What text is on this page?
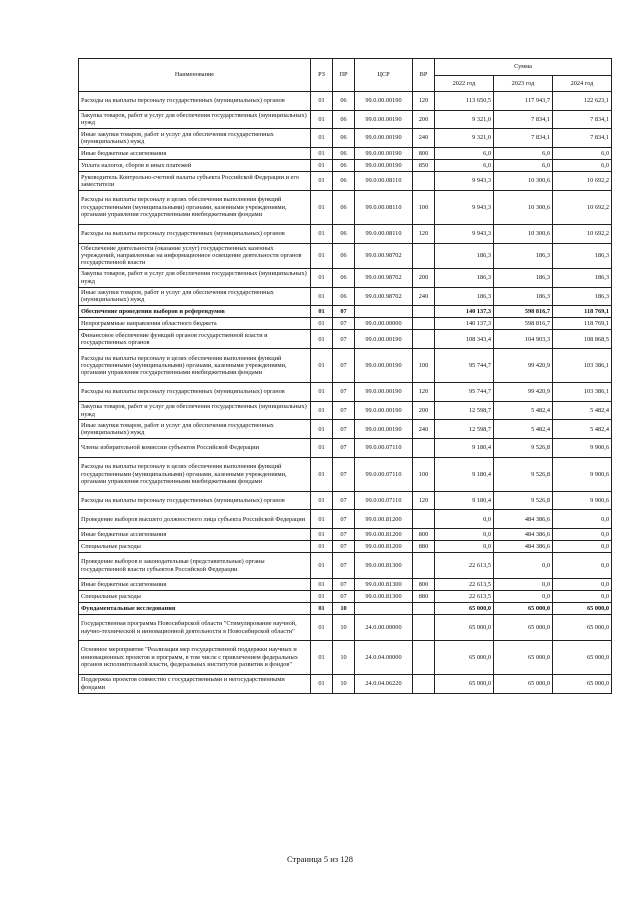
Наименование	РЗ	ПР	ЦСР	ВР	Сумма		
					2022 год	2023 год	2024 год
Расходы на выплаты персоналу государственных (муниципальных) органов	01	06	99.0.00.00190	120	113 650,5	117 943,7	122 623,1
Закупка товаров, работ и услуг для обеспечения государственных (муниципальных) нужд	01	06	99.0.00.00190	200	9 321,0	7 834,1	7 834,1
Иные закупки товаров, работ и услуг для обеспечения государственных (муниципальных) нужд	01	06	99.0.00.00190	240	9 321,0	7 834,1	7 834,1
Иные бюджетные ассигнования	01	06	99.0.00.00190	800	6,0	6,0	6,0
Уплата налогов, сборов и иных платежей	01	06	99.0.00.00190	850	6,0	6,0	6,0
Руководитель Контрольно-счетной палаты субъекта Российской Федерации и его заместители	01	06	99.0.00.08110		9 943,3	10 300,6	10 692,2
Расходы на выплаты персоналу в целях обеспечения выполнения функций государственными (муниципальными) органами, казенными учреждениями, органами управления государственными внебюджетными фондами	01	06	99.0.00.08110	100	9 943,3	10 300,6	10 692,2
Расходы на выплаты персоналу государственных (муниципальных) органов	01	06	99.0.00.08110	120	9 943,3	10 300,6	10 692,2
Обеспечение деятельности (оказание услуг) государственных казенных учреждений, направленные на информационное освещение деятельности органов государственной власти	01	06	99.0.00.98702		186,3	186,3	186,3
Закупка товаров, работ и услуг для обеспечения государственных (муниципальных) нужд	01	06	99.0.00.98702	200	186,3	186,3	186,3
Иные закупки товаров, работ и услуг для обеспечения государственных (муниципальных) нужд	01	06	99.0.00.98702	240	186,3	186,3	186,3
Обеспечение проведения выборов и референдумов	01	07			140 137,3	598 816,7	118 769,1
Непрограммные направления областного бюджета	01	07	99.0.00.00000		140 137,3	598 816,7	118 769,1
Финансовое обеспечение функций органов государственной власти и государственных органов	01	07	99.0.00.00190		108 343,4	104 903,3	108 868,5
Расходы на выплаты персоналу в целях обеспечения выполнения функций государственными (муниципальными) органами, казенными учреждениями, органами управления государственными внебюджетными фондами	01	07	99.0.00.00190	100	95 744,7	99 420,9	103 386,1
Расходы на выплаты персоналу государственных (муниципальных) органов	01	07	99.0.00.00190	120	95 744,7	99 420,9	103 386,1
Закупка товаров, работ и услуг для обеспечения государственных (муниципальных) нужд	01	07	99.0.00.00190	200	12 598,7	5 482,4	5 482,4
Иные закупки товаров, работ и услуг для обеспечения государственных (муниципальных) нужд	01	07	99.0.00.00190	240	12 598,7	5 482,4	5 482,4
Члены избирательной комиссии субъектов Российской Федерации	01	07	99.0.00.07110		9 180,4	9 526,8	9 900,6
Расходы на выплаты персоналу в целях обеспечения выполнения функций государственными (муниципальными) органами, казенными учреждениями, органами управления государственными внебюджетными фондами	01	07	99.0.00.07110	100	9 180,4	9 526,8	9 900,6
Расходы на выплаты персоналу государственных (муниципальных) органов	01	07	99.0.00.07110	120	9 180,4	9 526,8	9 900,6
Проведение выборов высшего должностного лица субъекта Российской Федерации	01	07	99.0.00.81200		0,0	484 386,6	0,0
Иные бюджетные ассигнования	01	07	99.0.00.81200	800	0,0	484 386,6	0,0
Специальные расходы	01	07	99.0.00.81200	880	0,0	484 386,6	0,0
Проведение выборов в законодательные (представительные) органы государственной власти субъектов Российской Федерации	01	07	99.0.00.81300		22 613,5	0,0	0,0
Иные бюджетные ассигнования	01	07	99.0.00.81300	800	22 613,5	0,0	0,0
Специальные расходы	01	07	99.0.00.81300	880	22 613,5	0,0	0,0
Фундаментальные исследования	01	10			65 000,0	65 000,0	65 000,0
Государственная программа Новосибирской области "Стимулирование научной, научно-технической и инновационной деятельности в Новосибирской области"	01	10	24.0.00.00000		65 000,0	65 000,0	65 000,0
Основное мероприятие "Реализация мер государственной поддержки научных и инновационных проектов и программ, в том числе с привлечением федеральных органов исполнительной власти, федеральных институтов развития и фондов"	01	10	24.0.04.00000		65 000,0	65 000,0	65 000,0
Поддержка проектов совместно с государственными и негосударственными фондами	01	10	24.0.04.06220		65 000,0	65 000,0	65 000,0
Страница 5 из 128
